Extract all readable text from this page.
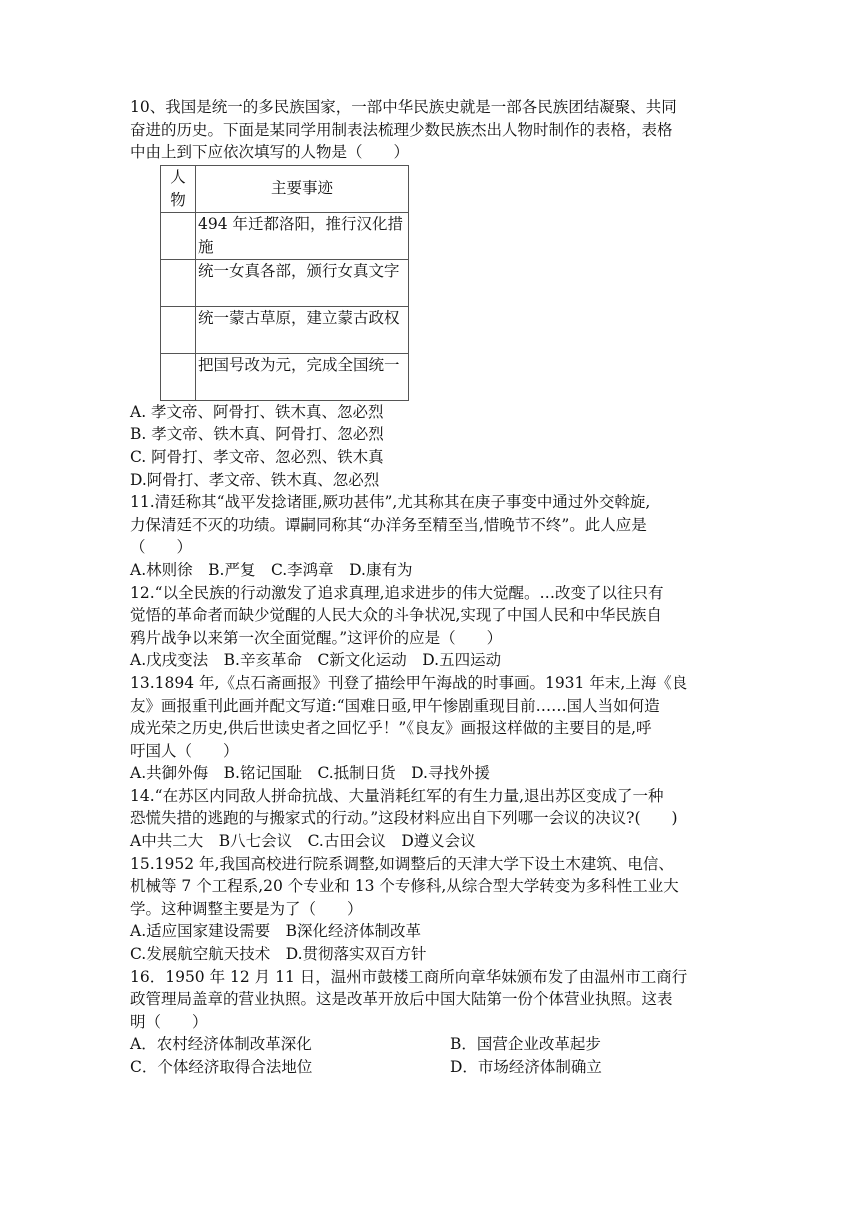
10、我国是统一的多民族国家，一部中华民族史就是一部各民族团结凝聚、共同
奋进的历史。下面是某同学用制表法梳理少数民族杰出人物时制作的表格，表格
中由上到下应依次填写的人物是（　　）
人物	主要事迹
	494 年迁都洛阳，推行汉化措施
	统一女真各部，颁行女真文字
	统一蒙古草原，建立蒙古政权
	把国号改为元，完成全国统一
A. 孝文帝、阿骨打、铁木真、忽必烈
B. 孝文帝、铁木真、阿骨打、忽必烈
C. 阿骨打、孝文帝、忽必烈、铁木真
D.阿骨打、孝文帝、铁木真、忽必烈
11.清廷称其“战平发捻诸匪,厥功甚伟”,尤其称其在庚子事变中通过外交斡旋,
力保清廷不灭的功绩。谭嗣同称其“办洋务至精至当,惜晚节不终”。此人应是
（　　）
A.林则徐　B.严复　C.李鸿章　D.康有为
12.“以全民族的行动激发了追求真理,追求进步的伟大觉醒。…改变了以往只有
觉悟的革命者而缺少觉醒的人民大众的斗争状况,实现了中国人民和中华民族自
鸦片战争以来第一次全面觉醒。”这评价的应是（　　）
A.戊戌变法　B.辛亥革命　C新文化运动　D.五四运动
13.1894 年,《点石斋画报》刊登了描绘甲午海战的时事画。1931 年末,上海《良
友》画报重刊此画并配文写道:“国难日亟,甲午惨剧重现目前……国人当如何造
成光荣之历史,供后世读史者之回忆乎！”《良友》画报这样做的主要目的是,呼
吁国人（　　）
A.共御外侮　B.铭记国耻　C.抵制日货　D.寻找外援
14.“在苏区内同敌人拼命抗战、大量消耗红军的有生力量,退出苏区变成了一种
恐慌失措的逃跑的与搬家式的行动。”这段材料应出自下列哪一会议的决议?(　　)
A中共二大　B八七会议　C.古田会议　D遵义会议
15.1952 年,我国高校进行院系调整,如调整后的天津大学下设土木建筑、电信、
机械等 7 个工程系,20 个专业和 13 个专修科,从综合型大学转变为多科性工业大
学。这种调整主要是为了（　　）
A.适应国家建设需要　B深化经济体制改革
C.发展航空航天技术　D.贯彻落实双百方针
16．1950 年 12 月 11 日，温州市鼓楼工商所向章华妹颁布发了由温州市工商行
政管理局盖章的营业执照。这是改革开放后中国大陆第一份个体营业执照。这表
明（　　）
A．农村经济体制改革深化	B．国营企业改革起步
C．个体经济取得合法地位	D．市场经济体制确立
